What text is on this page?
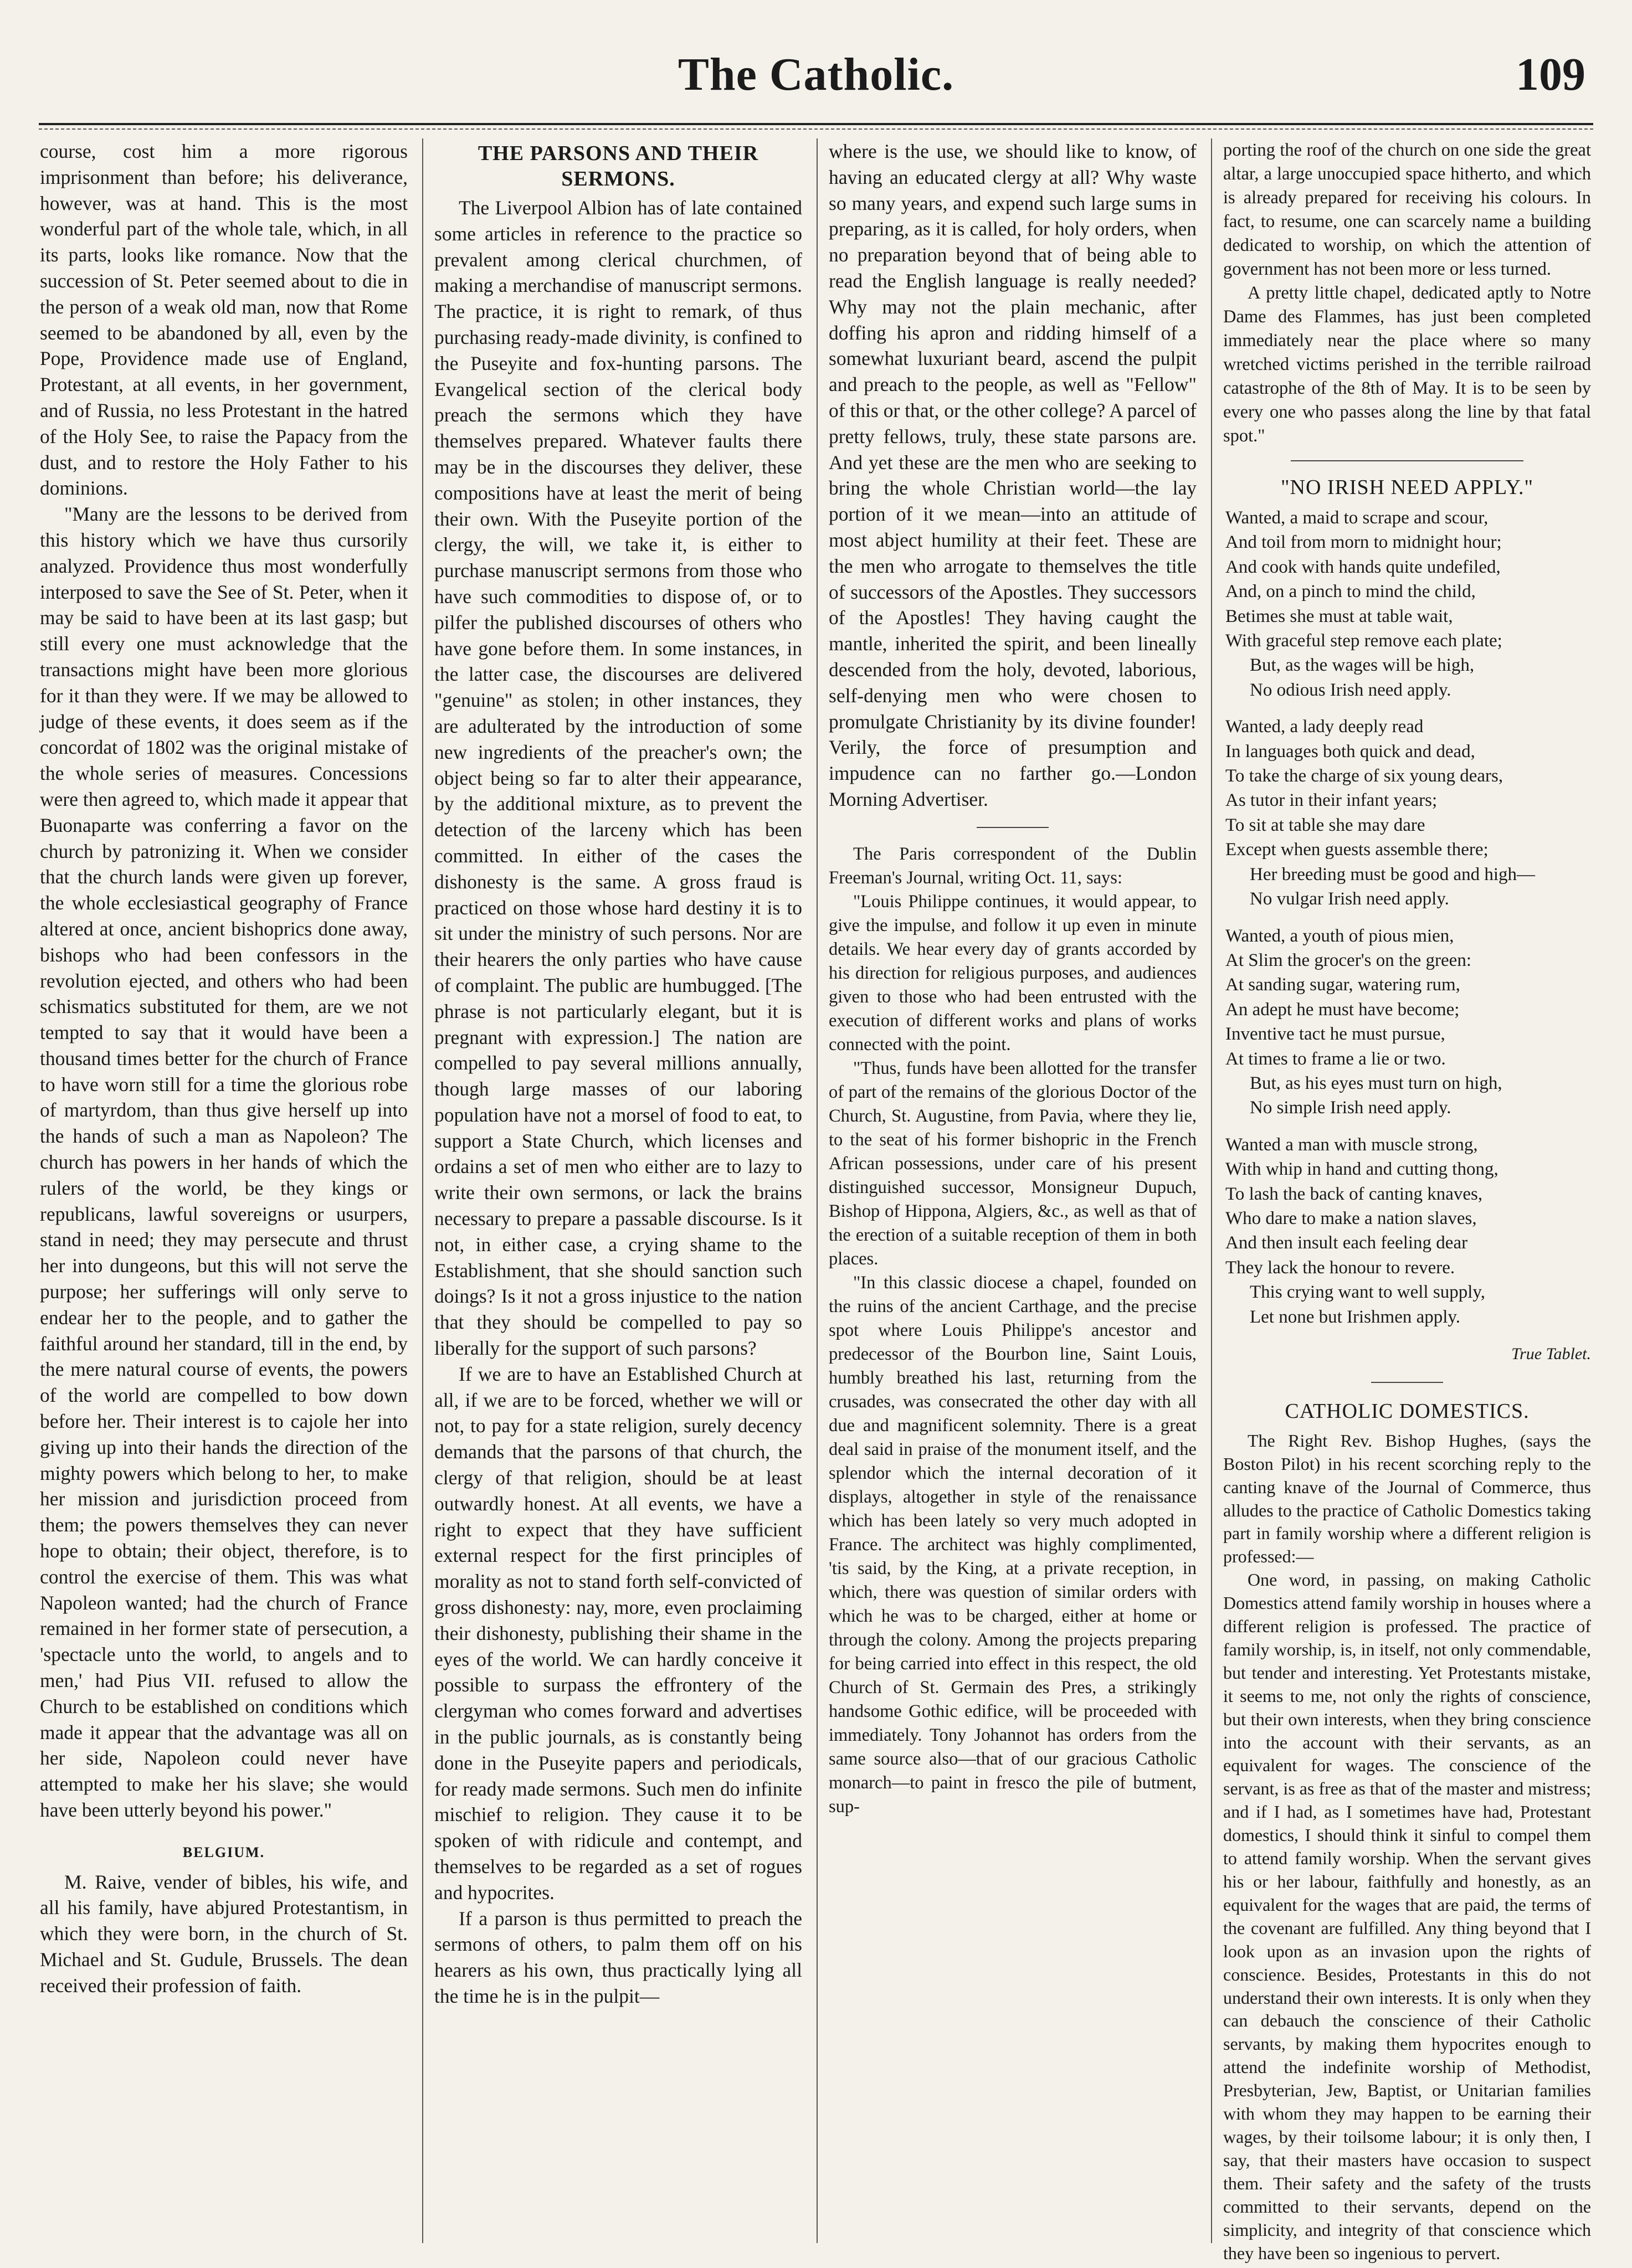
The Catholic.	109

course, cost him a more rigorous imprisonment than before; his deliverance, however, was at hand. This is the most wonderful part of the whole tale, which, in all its parts, looks like romance. Now that the succession of St. Peter seemed about to die in the person of a weak old man, now that Rome seemed to be abandoned by all, even by the Pope, Providence made use of England, Protestant, at all events, in her government, and of Russia, no less Protestant in the hatred of the Holy See, to raise the Papacy from the dust, and to restore the Holy Father to his dominions.

"Many are the lessons to be derived from this history which we have thus cursorily analyzed. Providence thus most wonderfully interposed to save the See of St. Peter, when it may be said to have been at its last gasp; but still every one must acknowledge that the transactions might have been more glorious for it than they were. If we may be allowed to judge of these events, it does seem as if the concordat of 1802 was the original mistake of the whole series of measures. Concessions were then agreed to, which made it appear that Buonaparte was conferring a favor on the church by patronizing it. When we consider that the church lands were given up forever, the whole ecclesiastical geography of France altered at once, ancient bishoprics done away, bishops who had been confessors in the revolution ejected, and others who had been schismatics substituted for them, are we not tempted to say that it would have been a thousand times better for the church of France to have worn still for a time the glorious robe of martyrdom, than thus give herself up into the hands of such a man as Napoleon? The church has powers in her hands of which the rulers of the world, be they kings or republicans, lawful sovereigns or usurpers, stand in need; they may persecute and thrust her into dungeons, but this will not serve the purpose; her sufferings will only serve to endear her to the people, and to gather the faithful around her standard, till in the end, by the mere natural course of events, the powers of the world are compelled to bow down before her. Their interest is to cajole her into giving up into their hands the direction of the mighty powers which belong to her, to make her mission and jurisdiction proceed from them; the powers themselves they can never hope to obtain; their object, therefore, is to control the exercise of them. This was what Napoleon wanted; had the church of France remained in her former state of persecution, a 'spectacle unto the world, to angels and to men,' had Pius VII. refused to allow the Church to be established on conditions which made it appear that the advantage was all on her side, Napoleon could never have attempted to make her his slave; she would have been utterly beyond his power."

BELGIUM.

M. Raive, vender of bibles, his wife, and all his family, have abjured Protestantism, in which they were born, in the church of St. Michael and St. Gudule, Brussels. The dean received their profession of faith.

THE PARSONS AND THEIR SERMONS.

The Liverpool Albion has of late contained some articles in reference to the practice so prevalent among clerical churchmen, of making a merchandise of manuscript sermons. The practice, it is right to remark, of thus purchasing ready-made divinity, is confined to the Puseyite and fox-hunting parsons. The Evangelical section of the clerical body preach the sermons which they have themselves prepared. Whatever faults there may be in the discourses they deliver, these compositions have at least the merit of being their own. With the Puseyite portion of the clergy, the will, we take it, is either to purchase manuscript sermons from those who have such commodities to dispose of, or to pilfer the published discourses of others who have gone before them. In some instances, in the latter case, the discourses are delivered "genuine" as stolen; in other instances, they are adulterated by the introduction of some new ingredients of the preacher's own; the object being so far to alter their appearance, by the additional mixture, as to prevent the detection of the larceny which has been committed. In either of the cases the dishonesty is the same. A gross fraud is practiced on those whose hard destiny it is to sit under the ministry of such persons. Nor are their hearers the only parties who have cause of complaint. The public are humbugged. [The phrase is not particularly elegant, but it is pregnant with expression.] The nation are compelled to pay several millions annually, though large masses of our laboring population have not a morsel of food to eat, to support a State Church, which licenses and ordains a set of men who either are to lazy to write their own sermons, or lack the brains necessary to prepare a passable discourse. Is it not, in either case, a crying shame to the Establishment, that she should sanction such doings? Is it not a gross injustice to the nation that they should be compelled to pay so liberally for the support of such parsons?

If we are to have an Established Church at all, if we are to be forced, whether we will or not, to pay for a state religion, surely decency demands that the parsons of that church, the clergy of that religion, should be at least outwardly honest. At all events, we have a right to expect that they have sufficient external respect for the first principles of morality as not to stand forth self-convicted of gross dishonesty: nay, more, even proclaiming their dishonesty, publishing their shame in the eyes of the world. We can hardly conceive it possible to surpass the effrontery of the clergyman who comes forward and advertises in the public journals, as is constantly being done in the Puseyite papers and periodicals, for ready made sermons. Such men do infinite mischief to religion. They cause it to be spoken of with ridicule and contempt, and themselves to be regarded as a set of rogues and hypocrites.

If a parson is thus permitted to preach the sermons of others, to palm them off on his hearers as his own, thus practically lying all the time he is in the pulpit—

where is the use, we should like to know, of having an educated clergy at all? Why waste so many years, and expend such large sums in preparing, as it is called, for holy orders, when no preparation beyond that of being able to read the English language is really needed? Why may not the plain mechanic, after doffing his apron and ridding himself of a somewhat luxuriant beard, ascend the pulpit and preach to the people, as well as "Fellow" of this or that, or the other college? A parcel of pretty fellows, truly, these state parsons are. And yet these are the men who are seeking to bring the whole Christian world—the lay portion of it we mean—into an attitude of most abject humility at their feet. These are the men who arrogate to themselves the title of successors of the Apostles. They successors of the Apostles! They having caught the mantle, inherited the spirit, and been lineally descended from the holy, devoted, laborious, self-denying men who were chosen to promulgate Christianity by its divine founder! Verily, the force of presumption and impudence can no farther go.—London Morning Advertiser.

The Paris correspondent of the Dublin Freeman's Journal, writing Oct. 11, says:

"Louis Philippe continues, it would appear, to give the impulse, and follow it up even in minute details. We hear every day of grants accorded by his direction for religious purposes, and audiences given to those who had been entrusted with the execution of different works and plans of works connected with the point.

"Thus, funds have been allotted for the transfer of part of the remains of the glorious Doctor of the Church, St. Augustine, from Pavia, where they lie, to the seat of his former bishopric in the French African possessions, under care of his present distinguished successor, Monsigneur Dupuch, Bishop of Hippona, Algiers, &c., as well as that of the erection of a suitable reception of them in both places.

"In this classic diocese a chapel, founded on the ruins of the ancient Carthage, and the precise spot where Louis Philippe's ancestor and predecessor of the Bourbon line, Saint Louis, humbly breathed his last, returning from the crusades, was consecrated the other day with all due and magnificent solemnity. There is a great deal said in praise of the monument itself, and the splendor which the internal decoration of it displays, altogether in style of the renaissance which has been lately so very much adopted in France. The architect was highly complimented, 'tis said, by the King, at a private reception, in which, there was question of similar orders with which he was to be charged, either at home or through the colony. Among the projects preparing for being carried into effect in this respect, the old Church of St. Germain des Pres, a strikingly handsome Gothic edifice, will be proceeded with immediately. Tony Johannot has orders from the same source also—that of our gracious Catholic monarch—to paint in fresco the pile of butment, sup-

porting the roof of the church on one side the great altar, a large unoccupied space hitherto, and which is already prepared for receiving his colours. In fact, to resume, one can scarcely name a building dedicated to worship, on which the attention of government has not been more or less turned.

A pretty little chapel, dedicated aptly to Notre Dame des Flammes, has just been completed immediately near the place where so many wretched victims perished in the terrible railroad catastrophe of the 8th of May. It is to be seen by every one who passes along the line by that fatal spot."

"NO IRISH NEED APPLY."
Wanted, a maid to scrape and scour,
And toil from morn to midnight hour;
And cook with hands quite undefiled,
And, on a pinch to mind the child,
Betimes she must at table wait,
With graceful step remove each plate;
But, as the wages will be high,
No odious Irish need apply.
Wanted, a lady deeply read
In languages both quick and dead,
To take the charge of six young dears,
As tutor in their infant years;
To sit at table she may dare
Except when guests assemble there;
Her breeding must be good and high—
No vulgar Irish need apply.
Wanted, a youth of pious mien,
At Slim the grocer's on the green:
At sanding sugar, watering rum,
An adept he must have become;
Inventive tact he must pursue,
At times to frame a lie or two.
But, as his eyes must turn on high,
No simple Irish need apply.
Wanted a man with muscle strong,
With whip in hand and cutting thong,
To lash the back of canting knaves,
Who dare to make a nation slaves,
And then insult each feeling dear
They lack the honour to revere.
This crying want to well supply,
Let none but Irishmen apply.
True Tablet.
CATHOLIC DOMESTICS.

The Right Rev. Bishop Hughes, (says the Boston Pilot) in his recent scorching reply to the canting knave of the Journal of Commerce, thus alludes to the practice of Catholic Domestics taking part in family worship where a different religion is professed:—

One word, in passing, on making Catholic Domestics attend family worship in houses where a different religion is professed. The practice of family worship, is, in itself, not only commendable, but tender and interesting. Yet Protestants mistake, it seems to me, not only the rights of conscience, but their own interests, when they bring conscience into the account with their servants, as an equivalent for wages. The conscience of the servant, is as free as that of the master and mistress; and if I had, as I sometimes have had, Protestant domestics, I should think it sinful to compel them to attend family worship. When the servant gives his or her labour, faithfully and honestly, as an equivalent for the wages that are paid, the terms of the covenant are fulfilled. Any thing beyond that I look upon as an invasion upon the rights of conscience. Besides, Protestants in this do not understand their own interests. It is only when they can debauch the conscience of their Catholic servants, by making them hypocrites enough to attend the indefinite worship of Methodist, Presbyterian, Jew, Baptist, or Unitarian families with whom they may happen to be earning their wages, by their toilsome labour; it is only then, I say, that their masters have occasion to suspect them. Their safety and the safety of the trusts committed to their servants, depend on the simplicity, and integrity of that conscience which they have been so ingenious to pervert.
